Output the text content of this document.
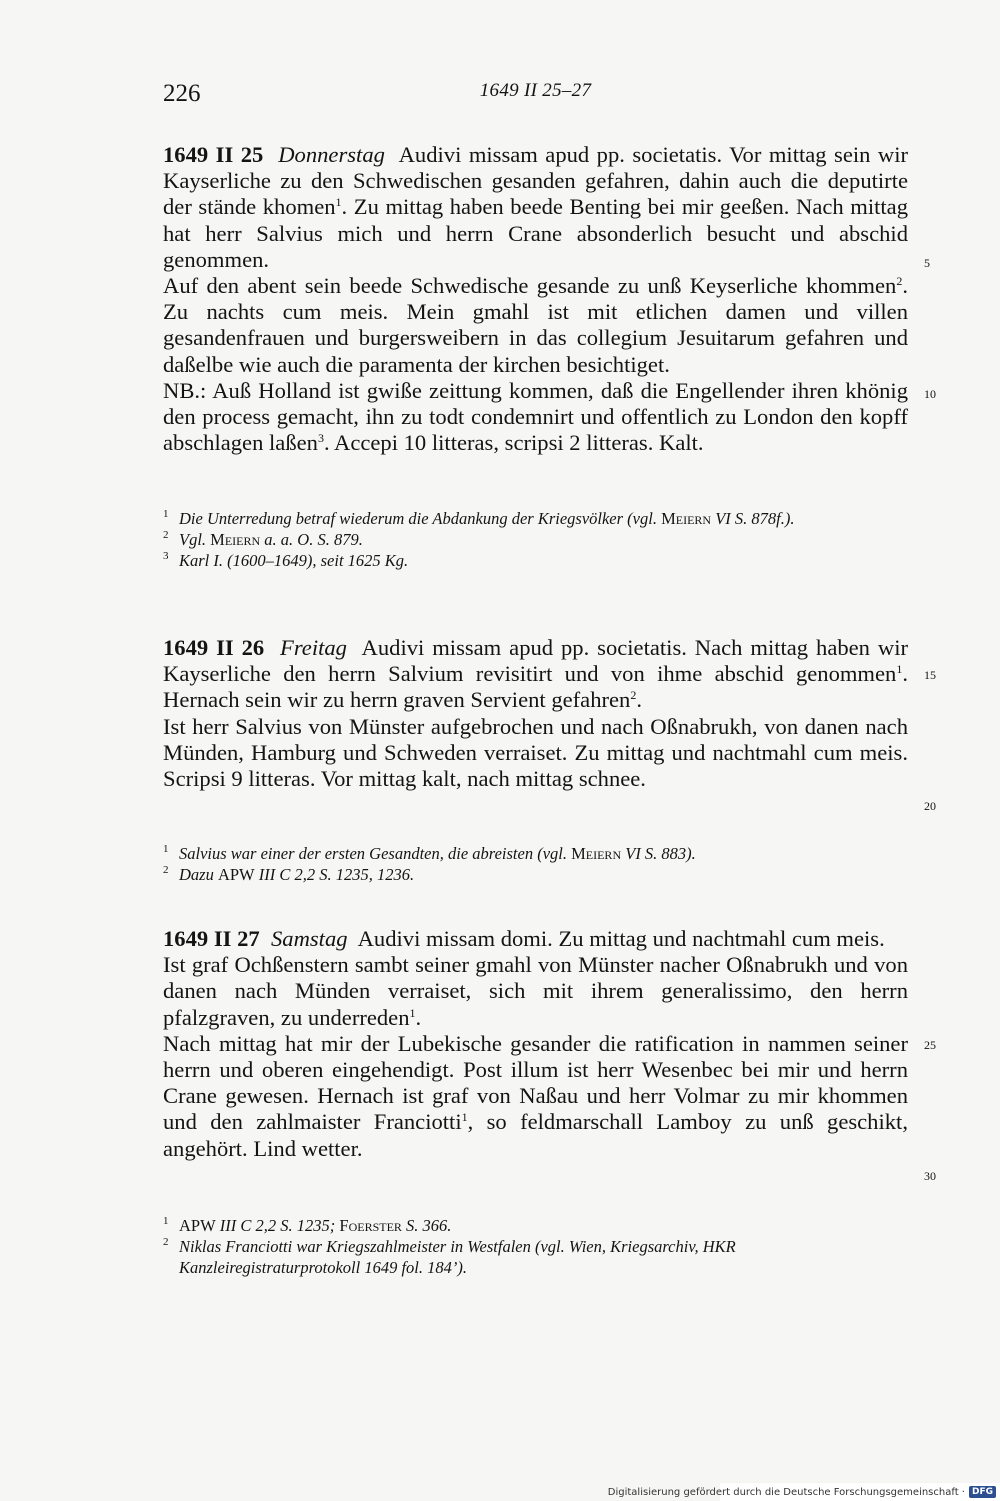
226	1649 II 25–27

1649 II 25 Donnerstag Audivi missam apud pp. societatis. Vor mittag sein wir Kayserliche zu den Schwedischen gesanden gefahren, dahin auch die deputirte der stände khomen$^1$. Zu mittag haben beede Benting bei mir geeßen. Nach mittag hat herr Salvius mich und herrn Crane absonderlich besucht und abschid genommen.

Auf den abent sein beede Schwedische gesande zu unß Keyserliche khommen$^2$. Zu nachts cum meis. Mein gmahl ist mit etlichen damen und villen gesandenfrauen und burgersweibern in das collegium Jesuitarum gefahren und daßelbe wie auch die paramenta der kirchen besichtiget.

NB.: Auß Holland ist gwiße zeittung kommen, daß die Engellender ihren khönig den process gemacht, ihn zu todt condemnirt und offentlich zu London den kopff abschlagen laßen$^3$. Accepi 10 litteras, scripsi 2 litteras. Kalt.

1 Die Unterredung betraf wiederum die Abdankung der Kriegsvölker (vgl. Meiern VI S. 878f.).
2 Vgl. Meiern a. a. O. S. 879.
3 Karl I. (1600–1649), seit 1625 Kg.

1649 II 26 Freitag Audivi missam apud pp. societatis. Nach mittag haben wir Kayserliche den herrn Salvium revisitirt und von ihme abschid genommen$^1$. Hernach sein wir zu herrn graven Servient gefahren$^2$.

Ist herr Salvius von Münster aufgebrochen und nach Oßnabrukh, von danen nach Münden, Hamburg und Schweden verraiset. Zu mittag und nachtmahl cum meis. Scripsi 9 litteras. Vor mittag kalt, nach mittag schnee.

1 Salvius war einer der ersten Gesandten, die abreisten (vgl. Meiern VI S. 883).
2 Dazu APW III C 2,2 S. 1235, 1236.

1649 II 27 Samstag Audivi missam domi. Zu mittag und nachtmahl cum meis.

Ist graf Ochßenstern sambt seiner gmahl von Münster nacher Oßnabrukh und von danen nach Münden verraiset, sich mit ihrem generalissimo, den herrn pfalzgraven, zu underreden$^1$.

Nach mittag hat mir der Lubekische gesander die ratification in nammen seiner herrn und oberen eingehendigt. Post illum ist herr Wesenbec bei mir und herrn Crane gewesen. Hernach ist graf von Naßau und herr Volmar zu mir khommen und den zahlmaister Franciotti$^1$, so feldmarschall Lamboy zu unß geschikt, angehört. Lind wetter.

1 APW III C 2,2 S. 1235; Foerster S. 366.
2 Niklas Franciotti war Kriegszahlmeister in Westfalen (vgl. Wien, Kriegsarchiv, HKR Kanzleiregistraturprotokoll 1649 fol. 184’).
5
10
15
20
25
30
Digitalisierung gefördert durch die Deutsche Forschungsgemeinschaft · DFG
